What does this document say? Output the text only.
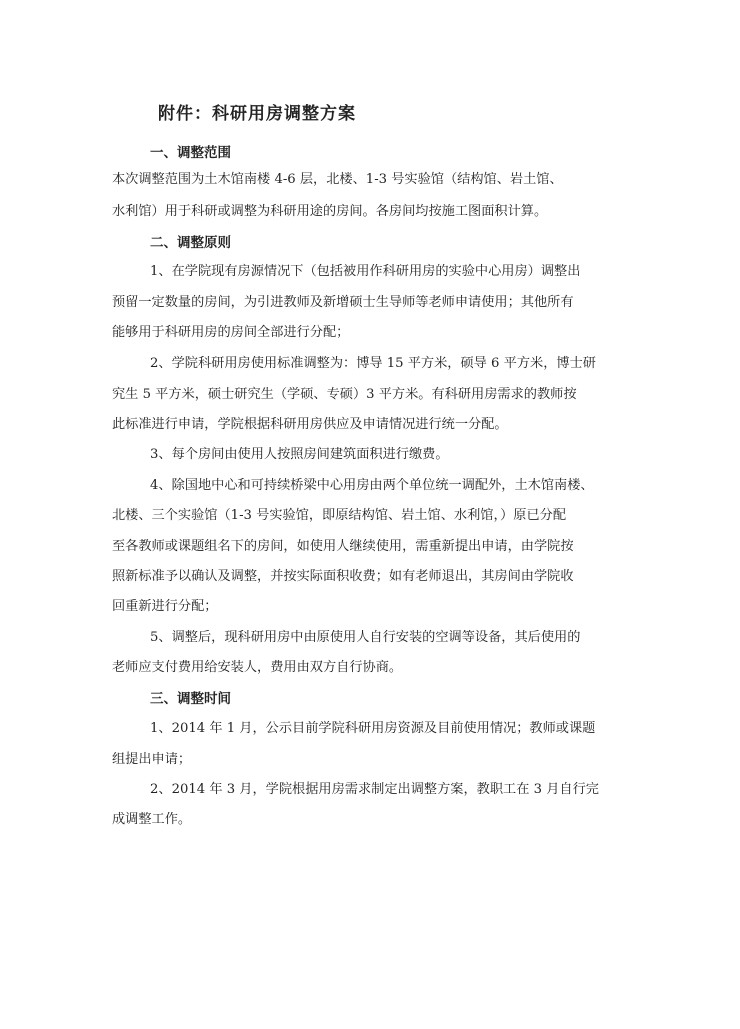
附件：科研用房调整方案
一、调整范围
本次调整范围为土木馆南楼 4-6 层，北楼、1-3 号实验馆（结构馆、岩土馆、
水利馆）用于科研或调整为科研用途的房间。各房间均按施工图面积计算。
二、调整原则
1、在学院现有房源情况下（包括被用作科研用房的实验中心用房）调整出
预留一定数量的房间，为引进教师及新增硕士生导师等老师申请使用；其他所有
能够用于科研用房的房间全部进行分配；
2、学院科研用房使用标准调整为：博导 15 平方米，硕导 6 平方米，博士研
究生 5 平方米，硕士研究生（学硕、专硕）3 平方米。有科研用房需求的教师按
此标准进行申请，学院根据科研用房供应及申请情况进行统一分配。
3、每个房间由使用人按照房间建筑面积进行缴费。
4、除国地中心和可持续桥梁中心用房由两个单位统一调配外，土木馆南楼、
北楼、三个实验馆（1-3 号实验馆，即原结构馆、岩土馆、水利馆，）原已分配
至各教师或课题组名下的房间，如使用人继续使用，需重新提出申请，由学院按
照新标准予以确认及调整，并按实际面积收费；如有老师退出，其房间由学院收
回重新进行分配；
5、调整后，现科研用房中由原使用人自行安装的空调等设备，其后使用的
老师应支付费用给安装人，费用由双方自行协商。
三、调整时间
1、2014 年 1 月，公示目前学院科研用房资源及目前使用情况；教师或课题
组提出申请；
2、2014 年 3 月，学院根据用房需求制定出调整方案，教职工在 3 月自行完
成调整工作。
